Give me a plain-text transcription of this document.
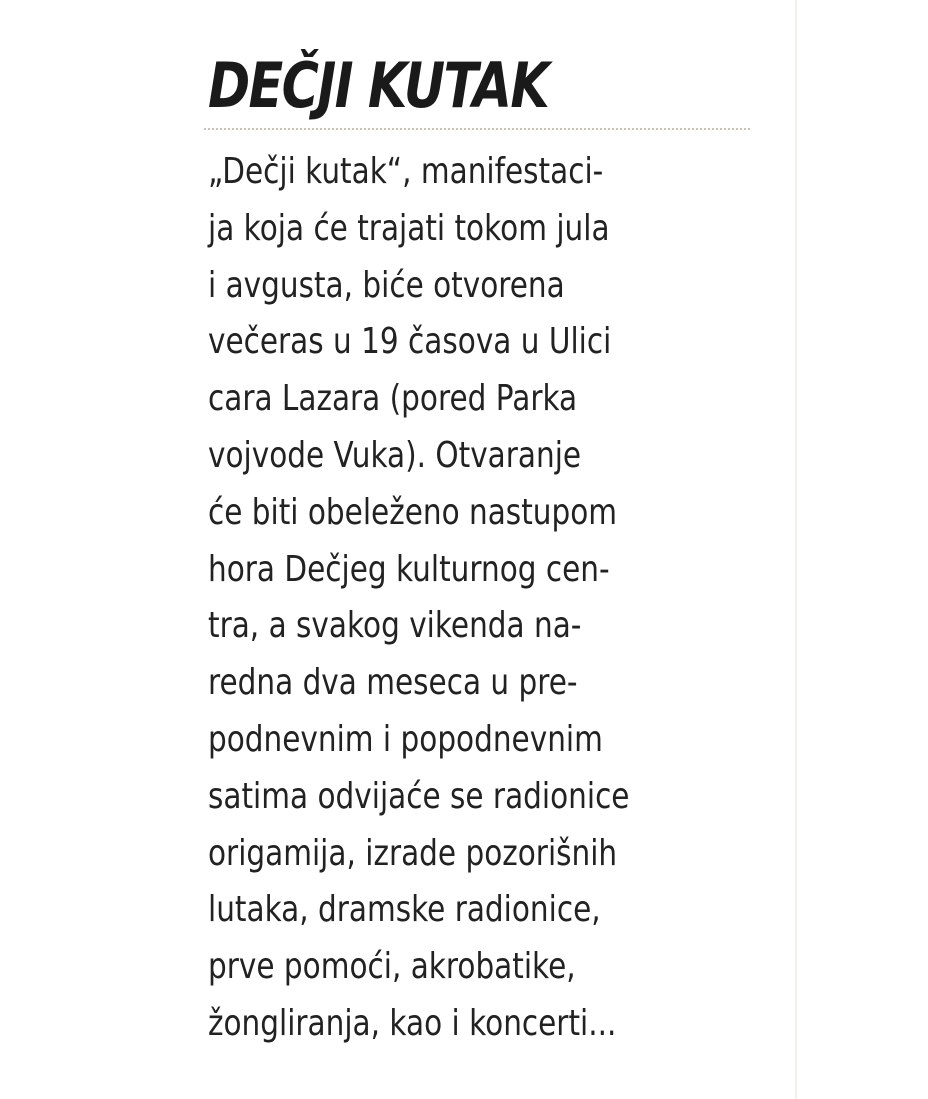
DEČJI KUTAK
„Dečji kutak“, manifestaci-
ja koja će trajati tokom jula
i avgusta, biće otvorena
večeras u 19 časova u Ulici
cara Lazara (pored Parka
vojvode Vuka). Otvaranje
će biti obeleženo nastupom
hora Dečjeg kulturnog cen-
tra, a svakog vikenda na-
redna dva meseca u pre-
podnevnim i popodnevnim
satima odvijaće se radionice
origamija, izrade pozorišnih
lutaka, dramske radionice,
prve pomoći, akrobatike,
žongliranja, kao i koncerti...
